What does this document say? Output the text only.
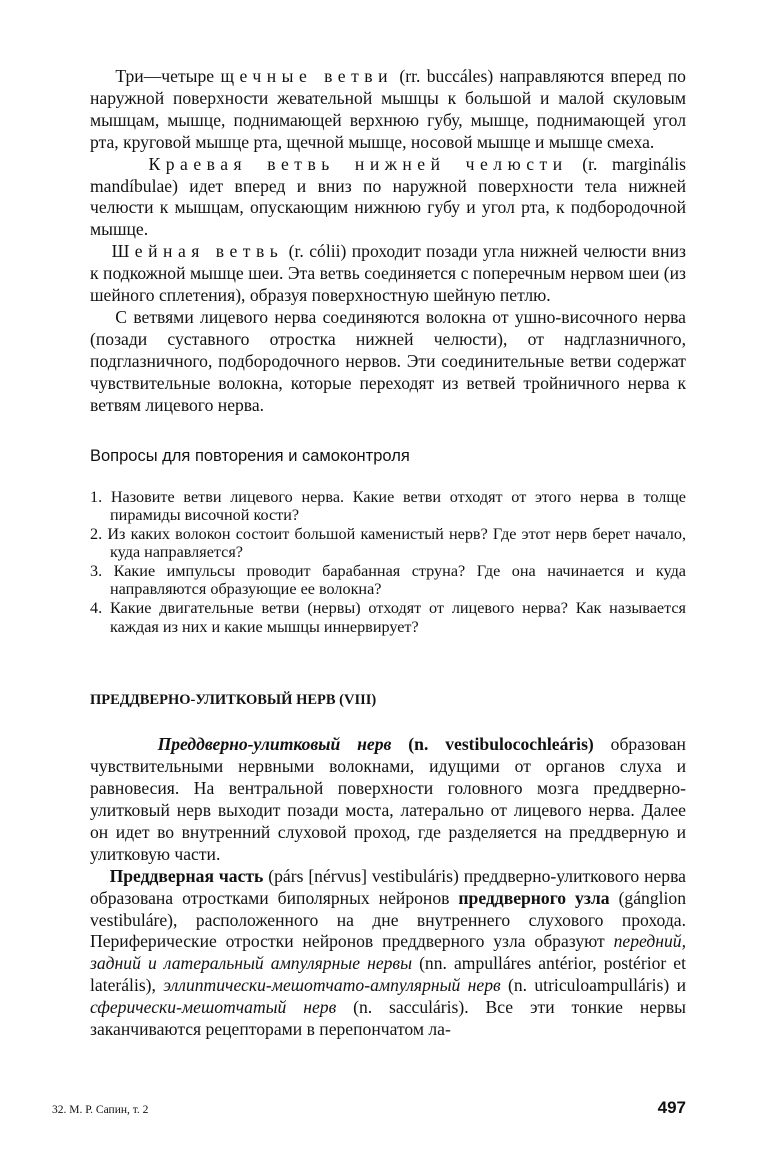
Три—четыре щечные ветви (rr. buccáles) направляются вперед по наружной поверхности жевательной мышцы к большой и малой скуловым мышцам, мышце, поднимающей верхнюю губу, мышце, поднимающей угол рта, круговой мышце рта, щечной мышце, носовой мышце и мышце смеха.

Краевая ветвь нижней челюсти (r. marginális mandíbulae) идет вперед и вниз по наружной поверхности тела нижней челюсти к мышцам, опускающим нижнюю губу и угол рта, к подбородочной мышце.

Шейная ветвь (r. cólii) проходит позади угла нижней челюсти вниз к подкожной мышце шеи. Эта ветвь соединяется с поперечным нервом шеи (из шейного сплетения), образуя поверхностную шейную петлю.

С ветвями лицевого нерва соединяются волокна от ушно-височного нерва (позади суставного отростка нижней челюсти), от надглазничного, подглазничного, подбородочного нервов. Эти соединительные ветви содержат чувствительные волокна, которые переходят из ветвей тройничного нерва к ветвям лицевого нерва.

Вопросы для повторения и самоконтроля
1. Назовите ветви лицевого нерва. Какие ветви отходят от этого нерва в толще пирамиды височной кости?
2. Из каких волокон состоит большой каменистый нерв? Где этот нерв берет начало, куда направляется?
3. Какие импульсы проводит барабанная струна? Где она начинается и куда направляются образующие ее волокна?
4. Какие двигательные ветви (нервы) отходят от лицевого нерва? Как называется каждая из них и какие мышцы иннервирует?
ПРЕДДВЕРНО-УЛИТКОВЫЙ НЕРВ (VIII)

Преддверно-улитковый нерв (n. vestibulocochleáris) образован чувствительными нервными волокнами, идущими от органов слуха и равновесия. На вентральной поверхности головного мозга преддверно-улитковый нерв выходит позади моста, латерально от лицевого нерва. Далее он идет во внутренний слуховой проход, где разделяется на преддверную и улитковую части.

Преддверная часть (párs [nérvus] vestibuláris) преддверно-улиткового нерва образована отростками биполярных нейронов преддверного узла (gánglion vestibuláre), расположенного на дне внутреннего слухового прохода. Периферические отростки нейронов преддверного узла образуют передний, задний и латеральный ампулярные нервы (nn. ampulláres antérior, postérior et laterális), эллиптически-мешотчато-ампулярный нерв (n. utriculoampulláris) и сферически-мешотчатый нерв (n. sacculáris). Все эти тонкие нервы заканчиваются рецепторами в перепончатом ла-

32. М. Р. Сапин, т. 2	497
